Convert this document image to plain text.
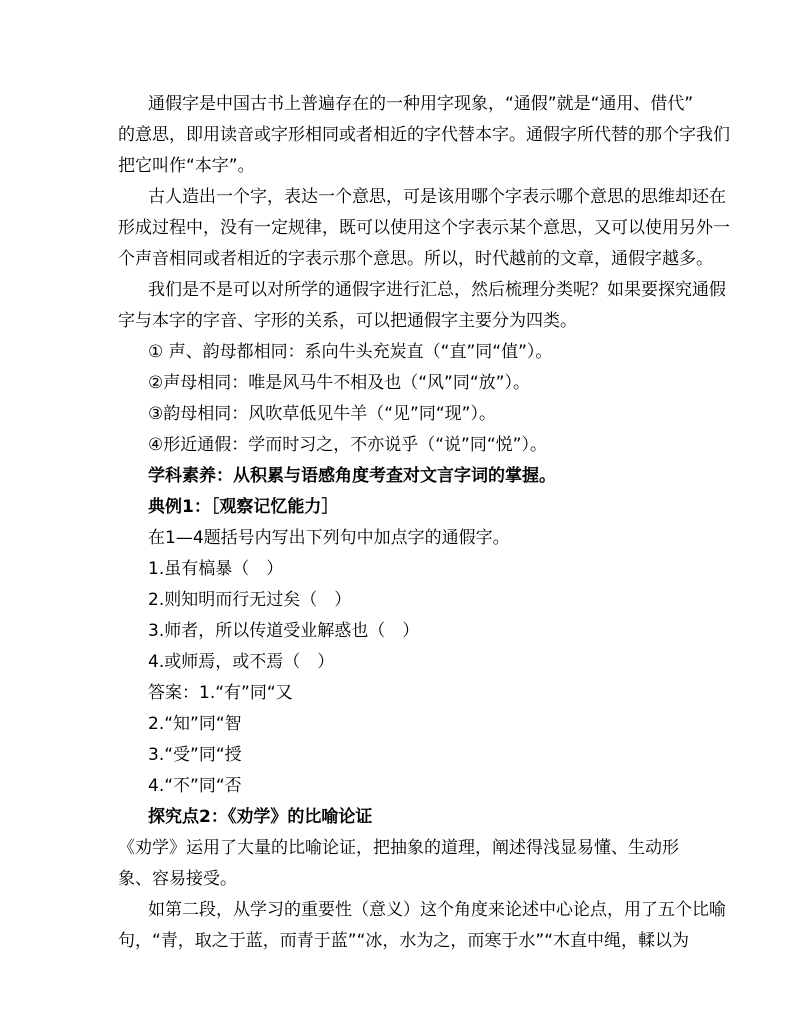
通假字是中国古书上普遍存在的一种用字现象，“通假”就是“通用、借代”
的意思，即用读音或字形相同或者相近的字代替本字。通假字所代替的那个字我们
把它叫作“本字”。
古人造出一个字，表达一个意思，可是该用哪个字表示哪个意思的思维却还在
形成过程中，没有一定规律，既可以使用这个字表示某个意思，又可以使用另外一
个声音相同或者相近的字表示那个意思。所以，时代越前的文章，通假字越多。
我们是不是可以对所学的通假字进行汇总，然后梳理分类呢？如果要探究通假
字与本字的字音、字形的关系，可以把通假字主要分为四类。
① 声、韵母都相同：系向牛头充炭直（“直”同“值”）。
②声母相同：唯是风马牛不相及也（“风”同“放”）。
③韵母相同：风吹草低见牛羊（“见”同“现”）。
④形近通假：学而时习之，不亦说乎（“说”同“悦”）。
学科素养：从积累与语感角度考查对文言字词的掌握。
典例1：［观察记忆能力］
在1—4题括号内写出下列句中加点字的通假字。
1.虽有槁暴（　）
2.则知明而行无过矣（　）
3.师者，所以传道受业解惑也（　）
4.或师焉，或不焉（　）
答案：1.“有”同“又
2.“知”同“智
3.“受”同“授
4.“不”同“否
探究点2：《劝学》的比喻论证
《劝学》运用了大量的比喻论证，把抽象的道理，阐述得浅显易懂、生动形
象、容易接受。
如第二段，从学习的重要性（意义）这个角度来论述中心论点，用了五个比喻
句，“青，取之于蓝，而青于蓝”“冰，水为之，而寒于水”“木直中绳，輮以为
